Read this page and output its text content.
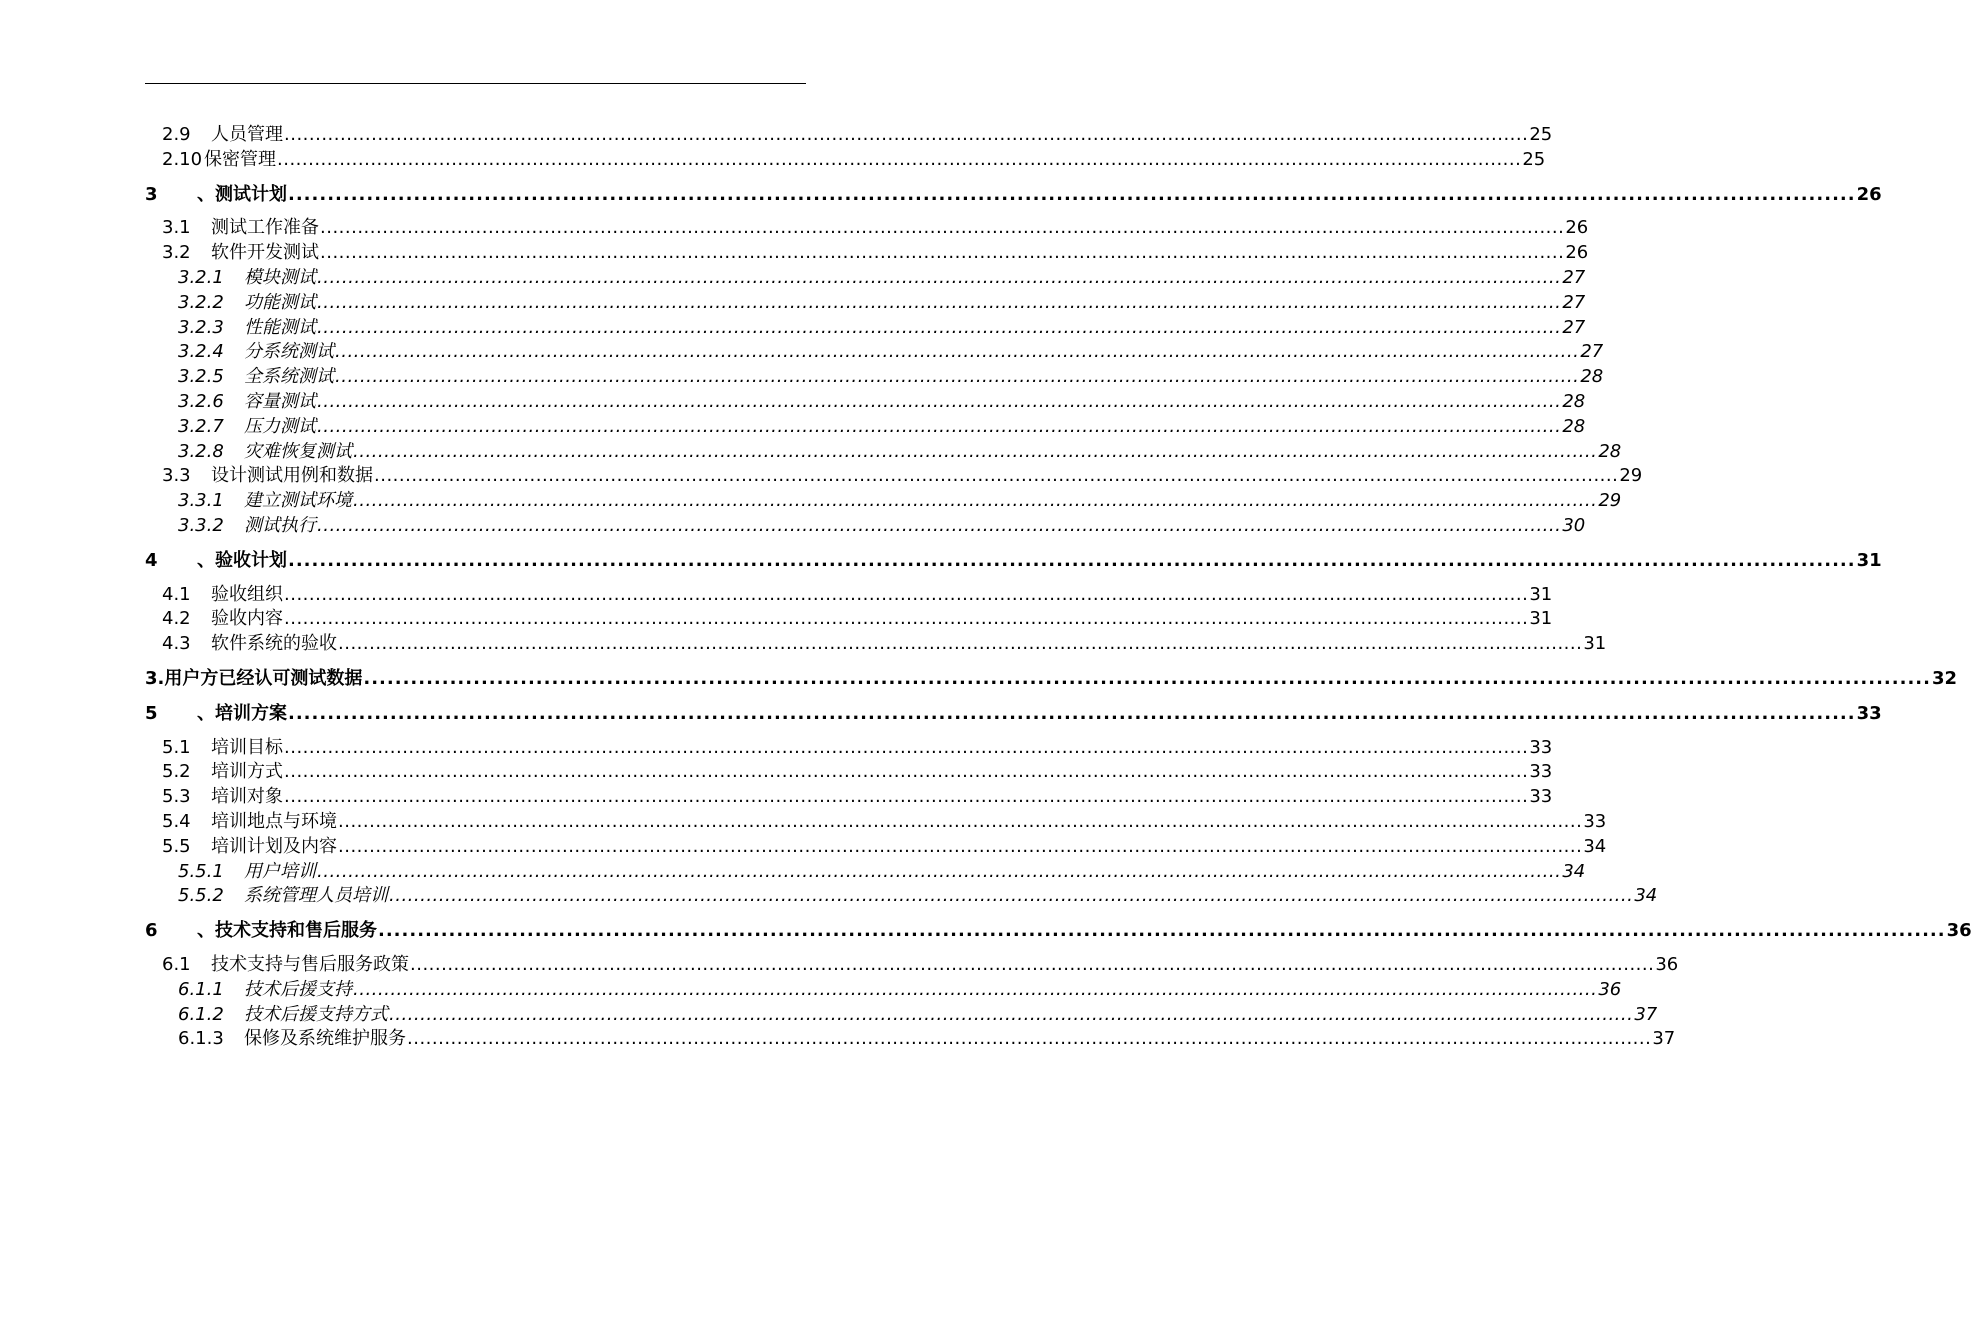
2.9	人员管理 ........................................................................................................................................................................................................ 25
2.10 保密管理 ........................................................................................................................................................................................................ 25
3	、测试计划 ........................................................................................................................................................................................................ 26
3.1	测试工作准备 ........................................................................................................................................................................................................ 26
3.2	软件开发测试 ........................................................................................................................................................................................................ 26
3.2.1	模块测试 ........................................................................................................................................................................................................ 27
3.2.2	功能测试 ........................................................................................................................................................................................................ 27
3.2.3	性能测试 ........................................................................................................................................................................................................ 27
3.2.4	分系统测试 ........................................................................................................................................................................................................ 27
3.2.5	全系统测试 ........................................................................................................................................................................................................ 28
3.2.6	容量测试 ........................................................................................................................................................................................................ 28
3.2.7	压力测试 ........................................................................................................................................................................................................ 28
3.2.8	灾难恢复测试 ........................................................................................................................................................................................................ 28
3.3	设计测试用例和数据 ........................................................................................................................................................................................................ 29
3.3.1	建立测试环境 ........................................................................................................................................................................................................ 29
3.3.2	测试执行 ........................................................................................................................................................................................................ 30
4	、验收计划 ........................................................................................................................................................................................................ 31
4.1	验收组织 ........................................................................................................................................................................................................ 31
4.2	验收内容 ........................................................................................................................................................................................................ 31
4.3	软件系统的验收 ........................................................................................................................................................................................................ 31
3.用户方已经认可测试数据 ........................................................................................................................................................................................................ 32
5	、培训方案 ........................................................................................................................................................................................................ 33
5.1	培训目标 ........................................................................................................................................................................................................ 33
5.2	培训方式 ........................................................................................................................................................................................................ 33
5.3	培训对象 ........................................................................................................................................................................................................ 33
5.4	培训地点与环境 ........................................................................................................................................................................................................ 33
5.5	培训计划及内容 ........................................................................................................................................................................................................ 34
5.5.1	用户培训 ........................................................................................................................................................................................................ 34
5.5.2	系统管理人员培训 ........................................................................................................................................................................................................ 34
6	、技术支持和售后服务 ........................................................................................................................................................................................................ 36
6.1	技术支持与售后服务政策 ........................................................................................................................................................................................................ 36
6.1.1	技术后援支持 ........................................................................................................................................................................................................ 36
6.1.2	技术后援支持方式 ........................................................................................................................................................................................................ 37
6.1.3	保修及系统维护服务 ........................................................................................................................................................................................................ 37
